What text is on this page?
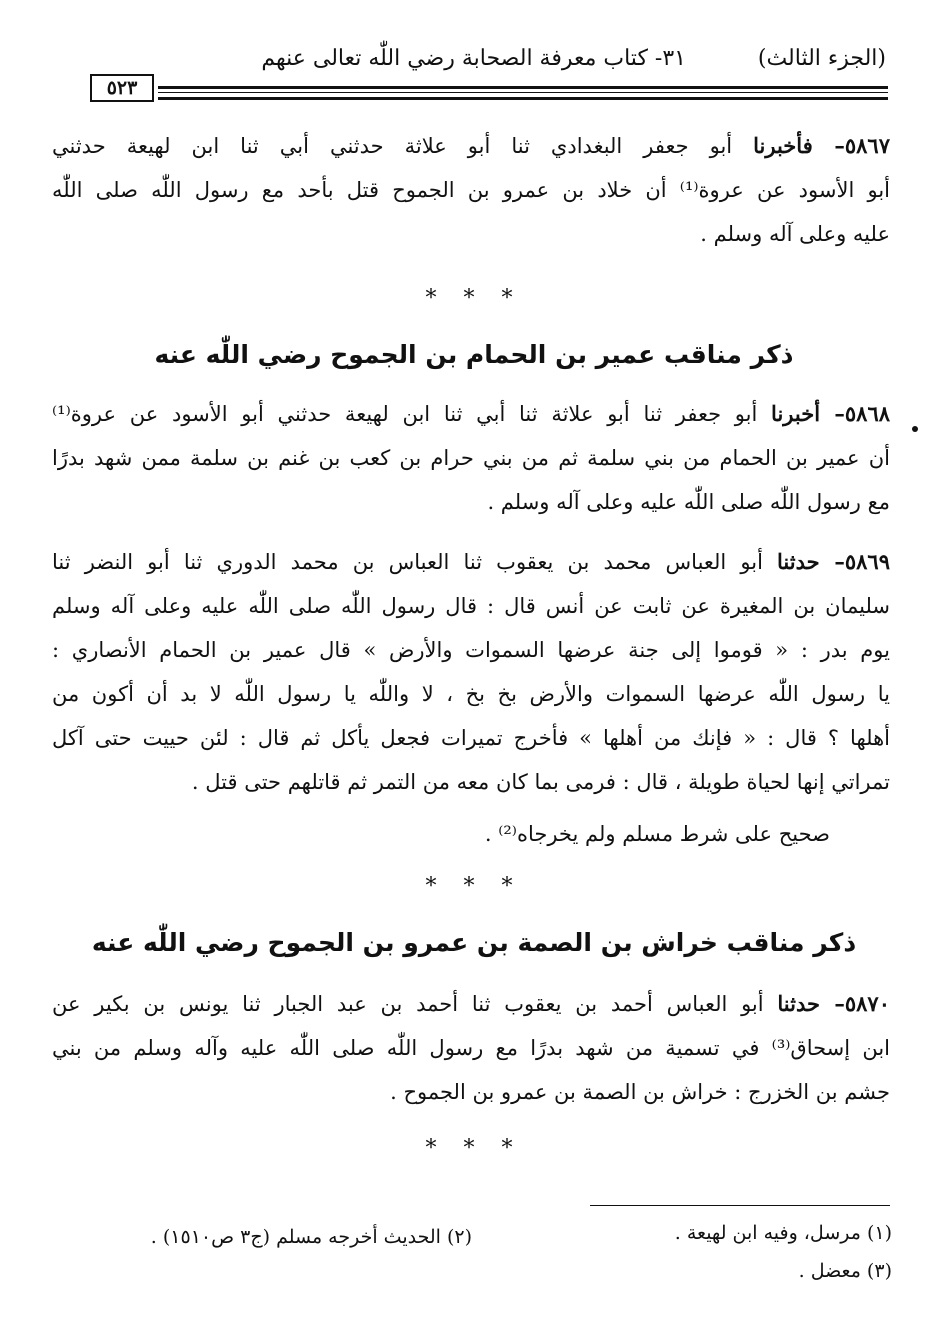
(الجزء الثالث)
٣١- كتاب معرفة الصحابة رضي اللّٰه تعالى عنهم
٥٢٣
٥٨٦٧– فأخبرنا أبو جعفر البغدادي ثنا أبو علاثة حدثني أبي ثنا ابن لهيعة حدثني
أبو الأسود عن عروة⁽¹⁾ أن خلاد بن عمرو بن الجموح قتل بأحد مع رسول اللّٰه صلى اللّٰه
عليه وعلى آله وسلم .
* * *
ذكر مناقب عمير بن الحمام بن الجموح رضي اللّٰه عنه
٥٨٦٨– أخبرنا أبو جعفر ثنا أبو علاثة ثنا أبي ثنا ابن لهيعة حدثني أبو الأسود عن عروة⁽¹⁾
أن عمير بن الحمام من بني سلمة ثم من بني حرام بن كعب بن غنم بن سلمة ممن شهد بدرًا
مع رسول اللّٰه صلى اللّٰه عليه وعلى آله وسلم .
٥٨٦٩– حدثنا أبو العباس محمد بن يعقوب ثنا العباس بن محمد الدوري ثنا أبو النضر ثنا
سليمان بن المغيرة عن ثابت عن أنس قال : قال رسول اللّٰه صلى اللّٰه عليه وعلى آله وسلم
يوم بدر : « قوموا إلى جنة عرضها السموات والأرض » قال عمير بن الحمام الأنصاري :
يا رسول اللّٰه عرضها السموات والأرض بخ بخ ، لا واللّٰه يا رسول اللّٰه لا بد أن أكون من
أهلها ؟ قال : « فإنك من أهلها » فأخرج تميرات فجعل يأكل ثم قال : لئن حييت حتى آكل
تمراتي إنها لحياة طويلة ، قال : فرمى بما كان معه من التمر ثم قاتلهم حتى قتل .
صحيح على شرط مسلم ولم يخرجاه⁽²⁾ .
* * *
ذكر مناقب خراش بن الصمة بن عمرو بن الجموح رضي اللّٰه عنه
٥٨٧٠– حدثنا أبو العباس أحمد بن يعقوب ثنا أحمد بن عبد الجبار ثنا يونس بن بكير عن
ابن إسحاق⁽³⁾ في تسمية من شهد بدرًا مع رسول اللّٰه صلى اللّٰه عليه وآله وسلم من بني
جشم بن الخزرج : خراش بن الصمة بن عمرو بن الجموح .
* * *
(١) مرسل، وفيه ابن لهيعة .
(٣) معضل .
(٢) الحديث أخرجه مسلم (ج٣ ص١٥١٠) .
